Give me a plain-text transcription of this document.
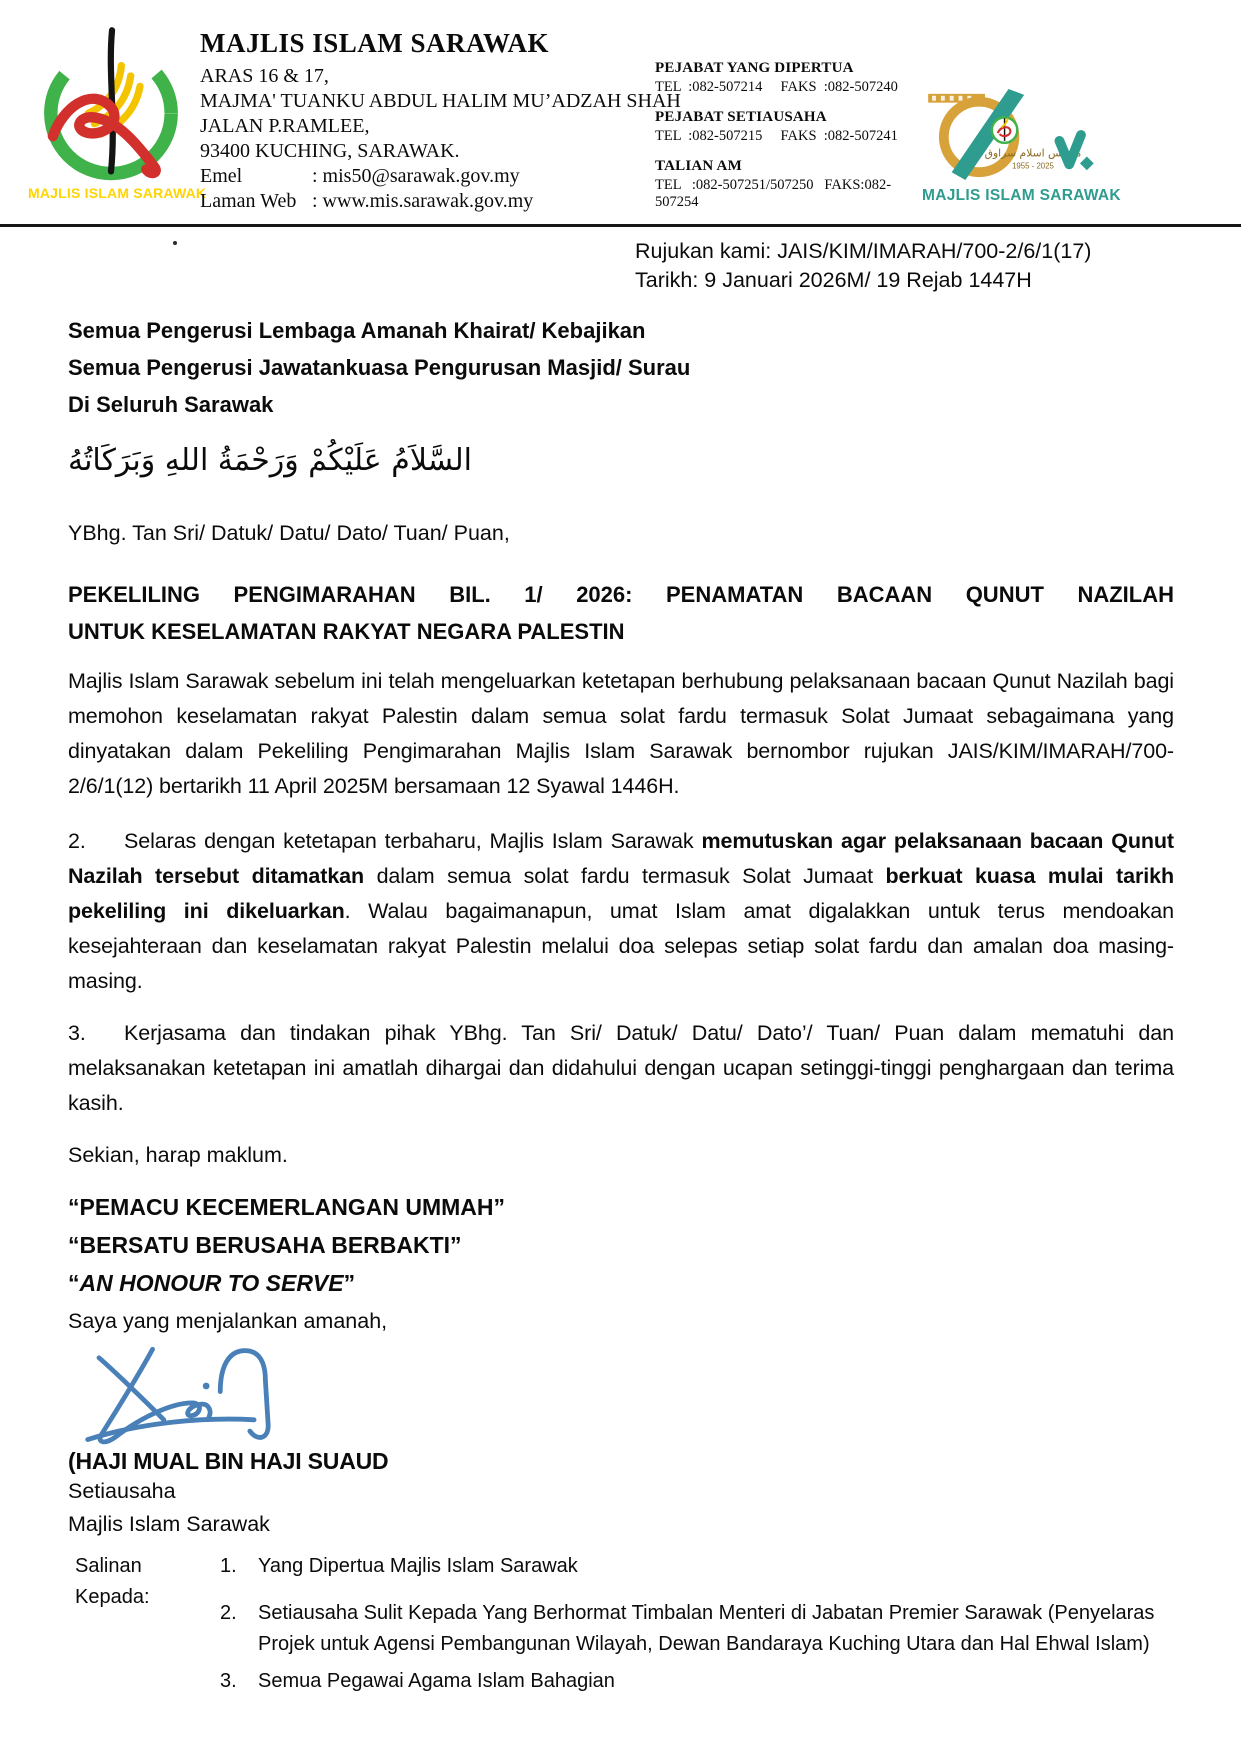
MAJLIS ISLAM SARAWAK
MAJLIS ISLAM SARAWAK
ARAS 16 & 17,
MAJMA' TUANKU ABDUL HALIM MU’ADZAH SHAH
JALAN P.RAMLEE,
93400 KUCHING, SARAWAK.
Emel	: mis50@sarawak.gov.my
Laman Web : www.mis.sarawak.gov.my
PEJABAT YANG DIPERTUA
TEL  :082-507214     FAKS  :082-507240
PEJABAT SETIAUSAHA
TEL  :082-507215     FAKS  :082-507241
TALIAN AM
TEL   :082-507251/507250   FAKS:082-507254
مجليس اسلام سراوق
1955 - 2025
MAJLIS ISLAM SARAWAK
Rujukan kami: JAIS/KIM/IMARAH/700-2/6/1(17)
Tarikh: 9 Januari 2026M/ 19 Rejab 1447H
Semua Pengerusi Lembaga Amanah Khairat/ Kebajikan
Semua Pengerusi Jawatankuasa Pengurusan Masjid/ Surau
Di Seluruh Sarawak
السَّلاَمُ عَلَيْكُمْ وَرَحْمَةُ اللهِ وَبَرَكَاتُهُ
YBhg. Tan Sri/ Datuk/ Datu/ Dato/ Tuan/ Puan,
PEKELILING PENGIMARAHAN BIL. 1/ 2026: PENAMATAN BACAAN QUNUT NAZILAH
UNTUK KESELAMATAN RAKYAT NEGARA PALESTIN
Majlis Islam Sarawak sebelum ini telah mengeluarkan ketetapan berhubung pelaksanaan bacaan Qunut Nazilah bagi memohon keselamatan rakyat Palestin dalam semua solat fardu termasuk Solat Jumaat sebagaimana yang dinyatakan dalam Pekeliling Pengimarahan Majlis Islam Sarawak bernombor rujukan JAIS/KIM/IMARAH/700-2/6/1(12) bertarikh 11 April 2025M bersamaan 12 Syawal 1446H.
2. Selaras dengan ketetapan terbaharu, Majlis Islam Sarawak memutuskan agar pelaksanaan bacaan Qunut Nazilah tersebut ditamatkan dalam semua solat fardu termasuk Solat Jumaat berkuat kuasa mulai tarikh pekeliling ini dikeluarkan. Walau bagaimanapun, umat Islam amat digalakkan untuk terus mendoakan kesejahteraan dan keselamatan rakyat Palestin melalui doa selepas setiap solat fardu dan amalan doa masing-masing.
3. Kerjasama dan tindakan pihak YBhg. Tan Sri/ Datuk/ Datu/ Dato’/ Tuan/ Puan dalam mematuhi dan melaksanakan ketetapan ini amatlah dihargai dan didahului dengan ucapan setinggi-tinggi penghargaan dan terima kasih.
Sekian, harap maklum.
“PEMACU KECEMERLANGAN UMMAH”
“BERSATU BERUSAHA BERBAKTI”
“AN HONOUR TO SERVE”
Saya yang menjalankan amanah,
(HAJI MUAL BIN HAJI SUAUD
Setiausaha
Majlis Islam Sarawak
Salinan Kepada:
1.	Yang Dipertua Majlis Islam Sarawak
2.	Setiausaha Sulit Kepada Yang Berhormat Timbalan Menteri di Jabatan Premier Sarawak (Penyelaras Projek untuk Agensi Pembangunan Wilayah, Dewan Bandaraya Kuching Utara dan Hal Ehwal Islam)
3.	Semua Pegawai Agama Islam Bahagian
